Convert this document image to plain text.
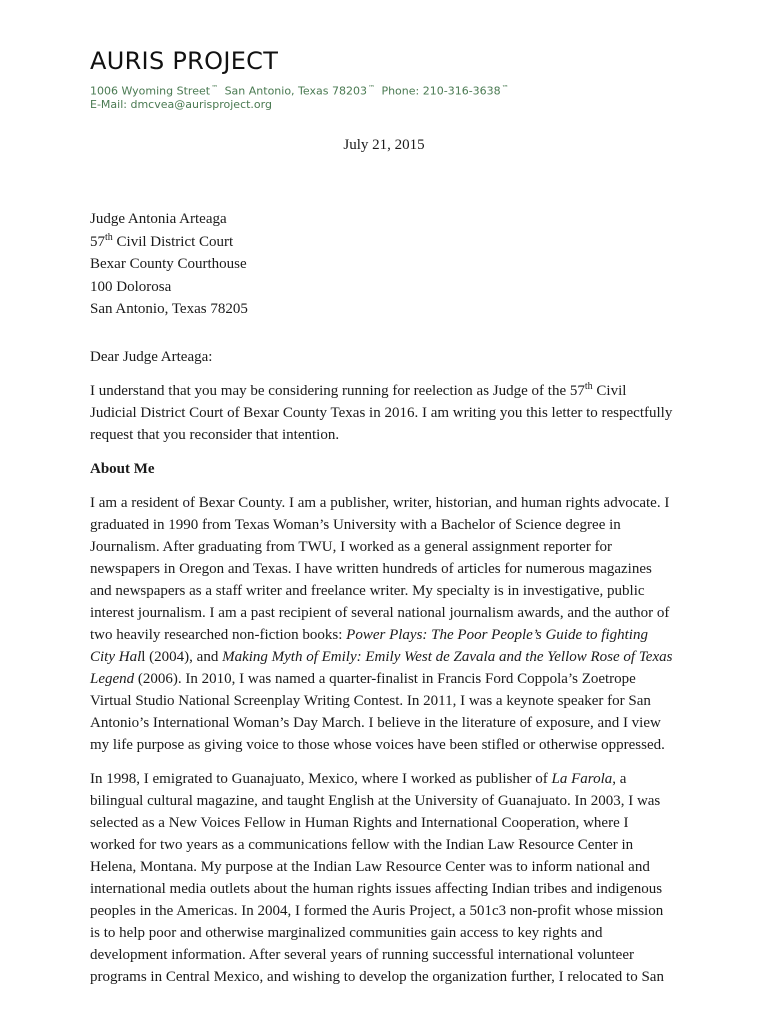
AURIS PROJECT
1006 Wyoming Street™ San Antonio, Texas 78203™ Phone: 210-316-3638™
E-Mail: dmcvea@aurisproject.org
July 21, 2015
Judge Antonia Arteaga
57th Civil District Court
Bexar County Courthouse
100 Dolorosa
San Antonio, Texas 78205

Dear Judge Arteaga:

I understand that you may be considering running for reelection as Judge of the 57th Civil
Judicial District Court of Bexar County Texas in 2016. I am writing you this letter to respectfully
request that you reconsider that intention.

About Me

I am a resident of Bexar County. I am a publisher, writer, historian, and human rights advocate. I
graduated in 1990 from Texas Woman’s University with a Bachelor of Science degree in
Journalism. After graduating from TWU, I worked as a general assignment reporter for
newspapers in Oregon and Texas. I have written hundreds of articles for numerous magazines
and newspapers as a staff writer and freelance writer. My specialty is in investigative, public
interest journalism. I am a past recipient of several national journalism awards, and the author of
two heavily researched non-fiction books: Power Plays: The Poor People’s Guide to fighting
City Hall (2004), and Making Myth of Emily: Emily West de Zavala and the Yellow Rose of Texas
Legend (2006). In 2010, I was named a quarter-finalist in Francis Ford Coppola’s Zoetrope
Virtual Studio National Screenplay Writing Contest. In 2011, I was a keynote speaker for San
Antonio’s International Woman’s Day March. I believe in the literature of exposure, and I view
my life purpose as giving voice to those whose voices have been stifled or otherwise oppressed.

In 1998, I emigrated to Guanajuato, Mexico, where I worked as publisher of La Farola, a
bilingual cultural magazine, and taught English at the University of Guanajuato. In 2003, I was
selected as a New Voices Fellow in Human Rights and International Cooperation, where I
worked for two years as a communications fellow with the Indian Law Resource Center in
Helena, Montana. My purpose at the Indian Law Resource Center was to inform national and
international media outlets about the human rights issues affecting Indian tribes and indigenous
peoples in the Americas. In 2004, I formed the Auris Project, a 501c3 non-profit whose mission
is to help poor and otherwise marginalized communities gain access to key rights and
development information. After several years of running successful international volunteer
programs in Central Mexico, and wishing to develop the organization further, I relocated to San
